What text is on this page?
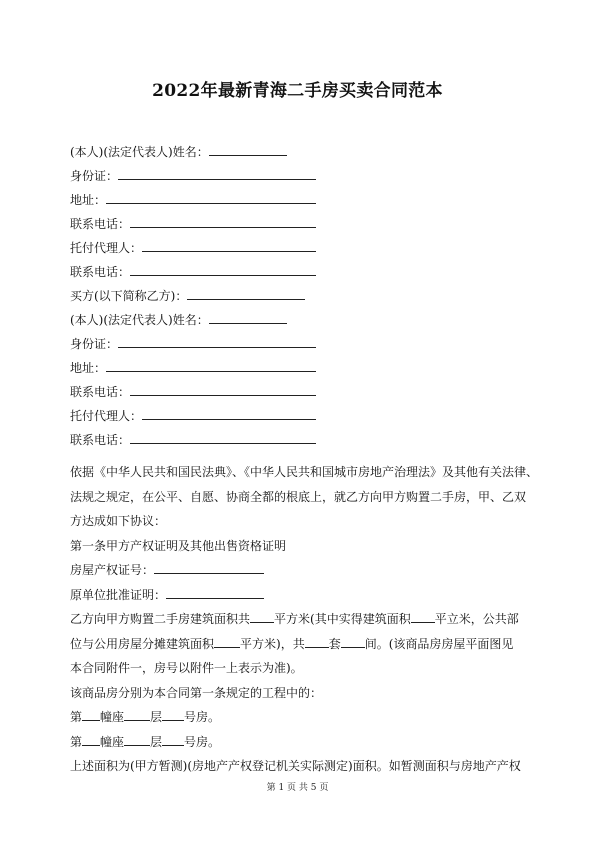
2022年最新青海二手房买卖合同范本
(本人)(法定代表人)姓名：
身份证：
地址：
联系电话：
托付代理人：
联系电话：
买方(以下简称乙方)：
(本人)(法定代表人)姓名：
身份证：
地址：
联系电话：
托付代理人：
联系电话：
依据《中华人民共和国民法典》、《中华人民共和国城市房地产治理法》及其他有关法律、
法规之规定，在公平、自愿、协商全都的根底上，就乙方向甲方购置二手房，甲、乙双
方达成如下协议：
第一条甲方产权证明及其他出售资格证明
房屋产权证号：
原单位批准证明：
乙方向甲方购置二手房建筑面积共 平方米(其中实得建筑面积 平立米，公共部
位与公用房屋分摊建筑面积 平方米)，共 套 间。(该商品房房屋平面图见
本合同附件一，房号以附件一上表示为准)。
该商品房分别为本合同第一条规定的工程中的：
第 幢座 层 号房。
第 幢座 层 号房。
上述面积为(甲方暂测)(房地产产权登记机关实际测定)面积。如暂测面积与房地产产权
第 1 页 共 5 页
